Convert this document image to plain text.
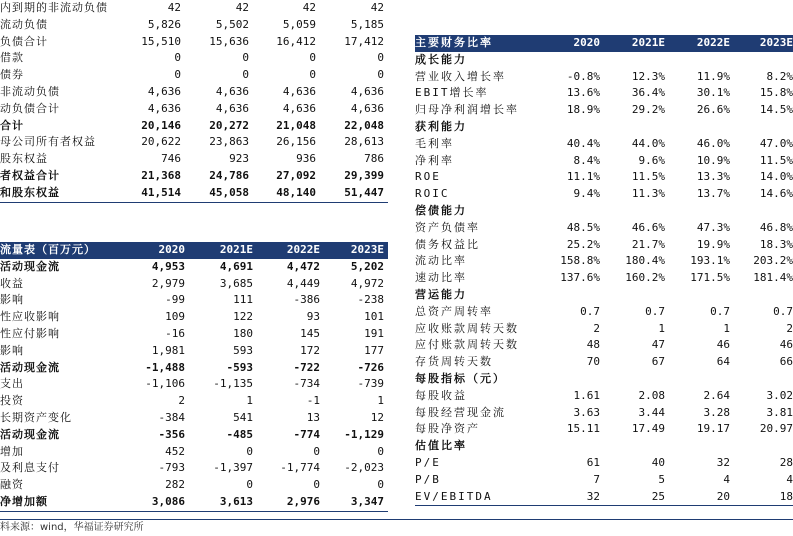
内到期的非流动负债	42	42	42	42
流动负债	5,826	5,502	5,059	5,185
负债合计	15,510	15,636 16,412	17,412
借款	0	0	0	0
债券	0	0	0	0
非流动负债	4,636	4,636	4,636	4,636
动负债合计	4,636	4,636	4,636	4,636
合计	20,146	20,272 21,048	22,048
母公司所有者权益	20,622	23,863 26,156	28,613
股东权益	746	923	936	786
者权益合计	21,368	24,786 27,092	29,399
和股东权益	41,514	45,058 48,140	51,447
流量表（百万元）	2020	2021E	2022E	2023E
活动现金流	4,953	4,691	4,472	5,202
收益	2,979	3,685	4,449	4,972
影响	-99	111	-386	-238
性应收影响	109	122	93	101
性应付影响	-16	180	145	191
影响	1,981	593	172	177
活动现金流	-1,488	-593	-722	-726
支出	-1,106	-1,135	-734	-739
投资	2	1	-1	1
长期资产变化	-384	541	13	12
活动现金流	-356	-485	-774 -1,129
增加	452	0	0	0
及利息支付	-793	-1,397 -1,774 -2,023
融资	282	0	0	0
净增加额	3,086	3,613	2,976	3,347
主要财务比率	2020	2021E	2022E	2023E
成长能力
营业收入增长率	-0.8%	12.3%	11.9%	8.2%
EBIT增长率	13.6%	36.4%	30.1%	15.8%
归母净利润增长率	18.9%	29.2%	26.6%	14.5%
获利能力
毛利率	40.4%	44.0%	46.0%	47.0%
净利率	8.4%	9.6%	10.9%	11.5%
ROE	11.1%	11.5%	13.3%	14.0%
ROIC	9.4%	11.3%	13.7%	14.6%
偿债能力
资产负债率	48.5%	46.6%	47.3%	46.8%
债务权益比	25.2%	21.7%	19.9%	18.3%
流动比率	158.8% 180.4% 193.1% 203.2%
速动比率	137.6% 160.2% 171.5% 181.4%
营运能力
总资产周转率	0.7	0.7	0.7	0.7
应收账款周转天数	2	1	1	2
应付账款周转天数	48	47	46	46
存货周转天数	70	67	64	66
每股指标（元）
每股收益	1.61	2.08	2.64	3.02
每股经营现金流	3.63	3.44	3.28	3.81
每股净资产	15.11	17.49	19.17	20.97
估值比率
P/E	61	40	32	28
P/B	7	5	4	4
EV/EBITDA	32	25	20	18
料来源：wind，华福证券研究所
